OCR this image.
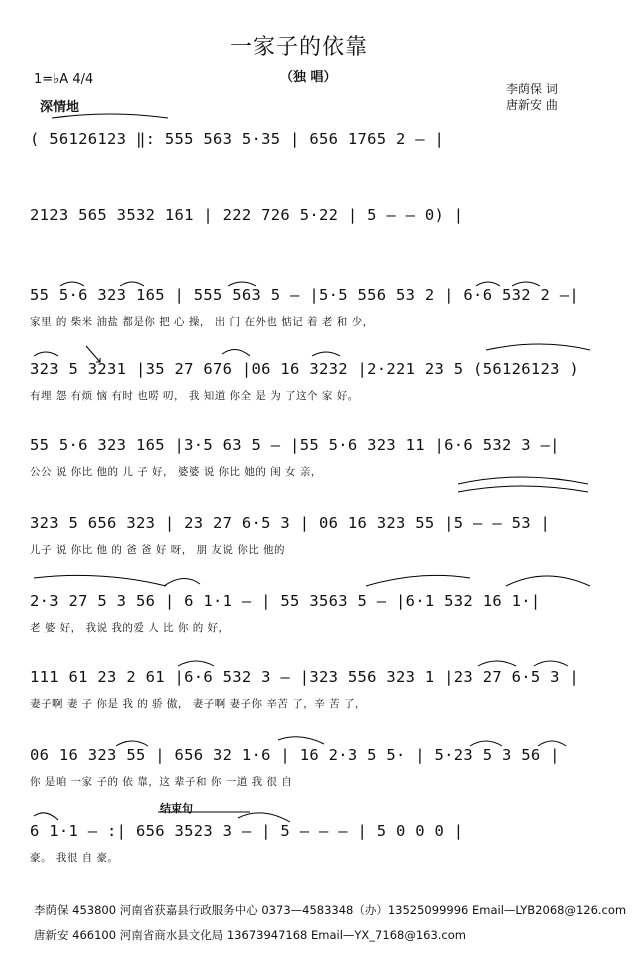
一家子的依靠
（独 唱）
1=♭A 4/4
深情地
李荫保 词
唐新安 曲
( 56126123 ‖: 555 563 5·35 | 656 1765 2 – |
2123 565 3532 161 | 222 726 5·22 | 5 – – 0) |
55 5·6 323 165 | 555 563 5 – |5·5 556 53 2 | 6·6 532 2 –|
家里 的 柴米 油盐 都是你 把 心 操， 出 门 在外也 惦记 着 老 和 少，
323 5 3231 |35 27 676 |06 16 3232 |2·221 23 5 (56126123 )
有埋 怨 有烦 恼 有时 也唠 叨， 我 知道 你全 是 为 了这个 家 好。
55 5·6 323 165 |3·5 63 5 – |55 5·6 323 11 |6·6 532 3 –|
公公 说 你比 他的 儿 子 好， 婆婆 说 你比 她的 闺 女 亲，
323 5 656 323 | 23 27 6·5 3 | 06 16 323 55 |5 – – 53 |
儿子 说 你比 他 的 爸 爸 好 呀， 朋 友说 你比 他的
2·3 27 5 3 56 | 6 1·1 – | 55 3563 5 – |6·1 532 16 1·|
老 婆 好， 我说 我的爱 人 比 你 的 好，
111 61 23 2 61 |6·6 532 3 – |323 556 323 1 |23 27 6·5 3 |
妻子啊 妻 子 你是 我 的 骄 傲， 妻子啊 妻子你 辛苦 了，辛 苦 了，
06 16 323 55 | 656 32 1·6 | 16 2·3 5 5· | 5·23 5 3 56 |
你 是咱 一家 子的 依 靠，这 辈子和 你 一道 我 很 自
结束句
6 1·1 – :| 656 3523 3 – | 5 – – – | 5 0 0 0 |
豪。 我很 自 豪。
李荫保 453800 河南省获嘉县行政服务中心 0373—4583348（办）13525099996 Email—LYB2068@126.com
唐新安 466100 河南省商水县文化局 13673947168 Email—YX_7168@163.com
